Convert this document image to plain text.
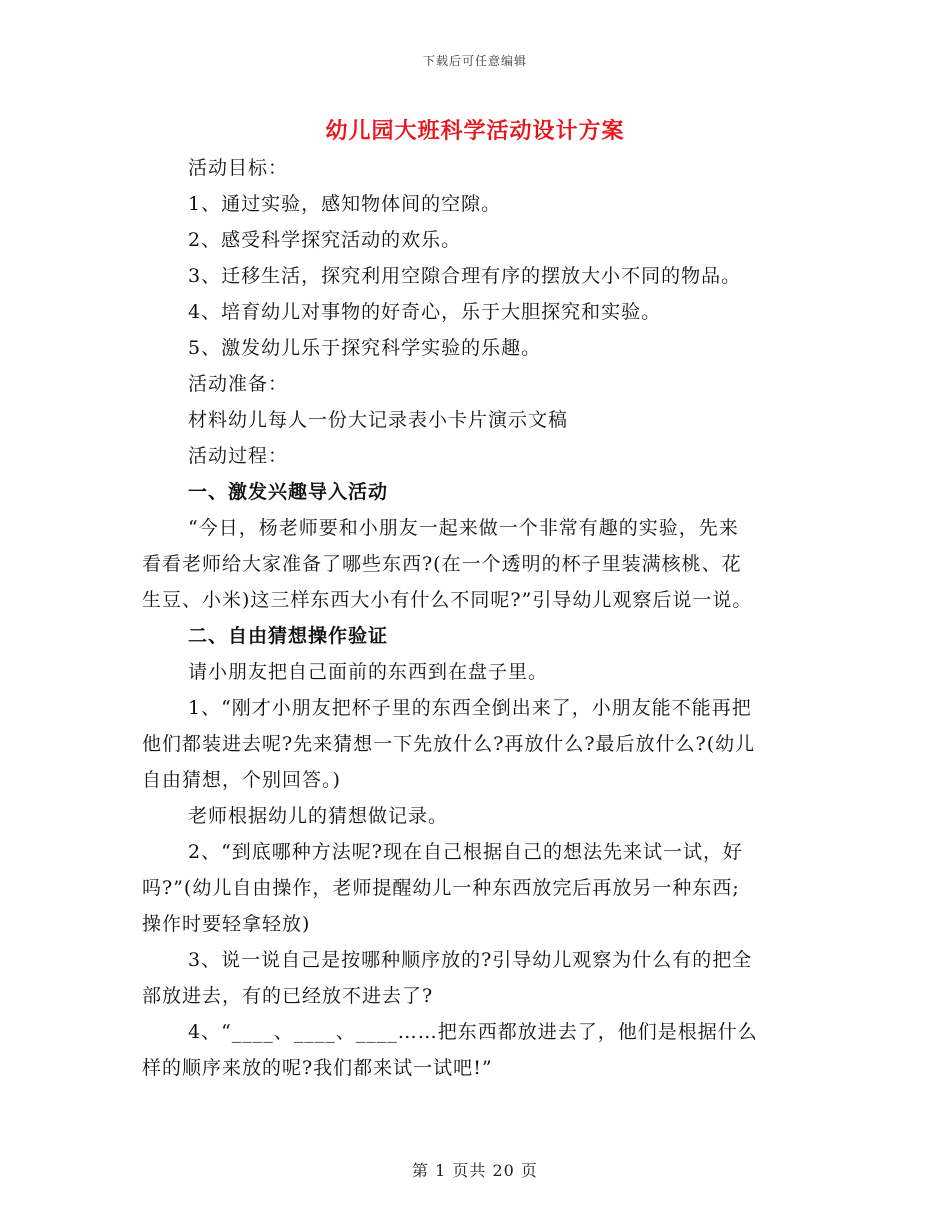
下载后可任意编辑
幼儿园大班科学活动设计方案
活动目标：
1、通过实验，感知物体间的空隙。
2、感受科学探究活动的欢乐。
3、迁移生活，探究利用空隙合理有序的摆放大小不同的物品。
4、培育幼儿对事物的好奇心，乐于大胆探究和实验。
5、激发幼儿乐于探究科学实验的乐趣。
活动准备：
材料幼儿每人一份大记录表小卡片演示文稿
活动过程：
一、激发兴趣导入活动
“今日，杨老师要和小朋友一起来做一个非常有趣的实验，先来
看看老师给大家准备了哪些东西?(在一个透明的杯子里装满核桃、花
生豆、小米)这三样东西大小有什么不同呢?”引导幼儿观察后说一说。
二、自由猜想操作验证
请小朋友把自己面前的东西到在盘子里。
1、“刚才小朋友把杯子里的东西全倒出来了，小朋友能不能再把
他们都装进去呢?先来猜想一下先放什么?再放什么?最后放什么?(幼儿
自由猜想，个别回答。)
老师根据幼儿的猜想做记录。
2、“到底哪种方法呢?现在自己根据自己的想法先来试一试，好
吗?”(幼儿自由操作，老师提醒幼儿一种东西放完后再放另一种东西;
操作时要轻拿轻放)
3、说一说自己是按哪种顺序放的?引导幼儿观察为什么有的把全
部放进去，有的已经放不进去了?
4、“____、____、____……把东西都放进去了，他们是根据什么
样的顺序来放的呢?我们都来试一试吧!”
第 1 页共 20 页
